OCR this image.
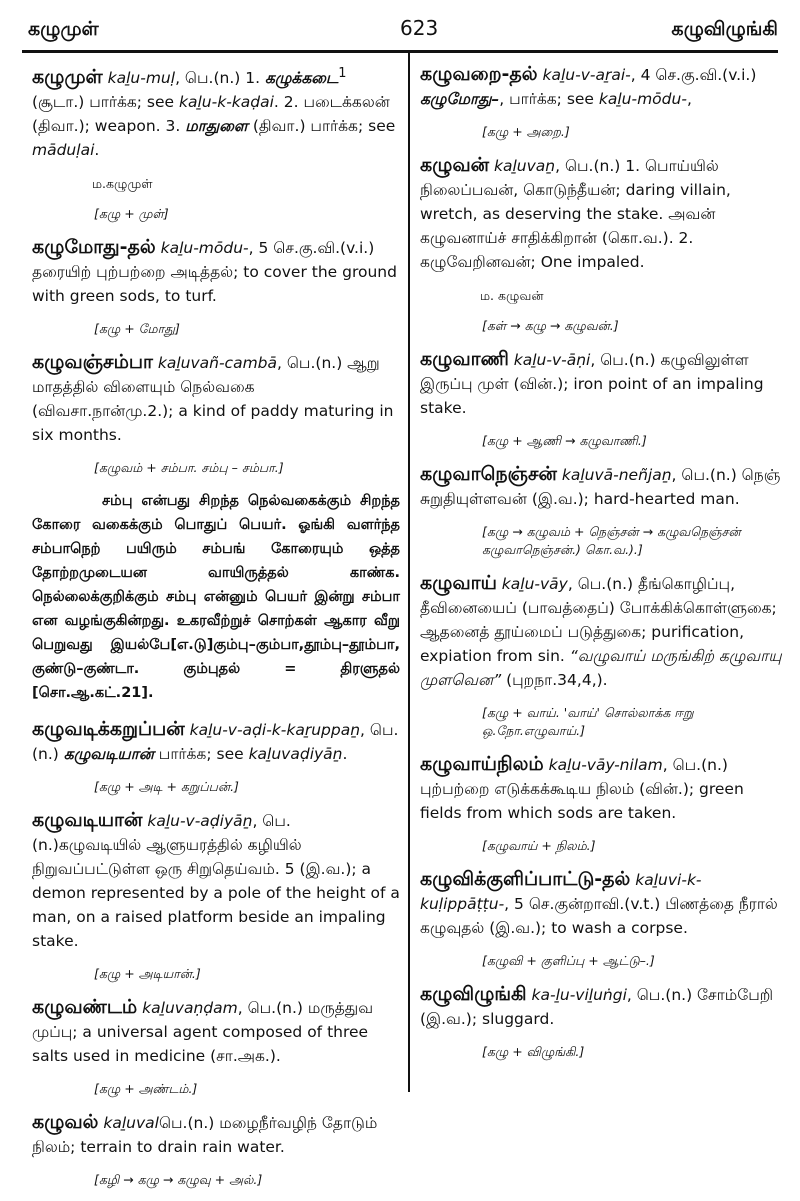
கழுமுள்	623	கழுவிழுங்கி

கழுமுள் kaḻu-muḷ, பெ.(n.) 1. கழுக்கடை$^1$ (சூடா.) பார்க்க; see kaḻu-k-kaḍai. 2. படைக்கலன் (திவா.); weapon. 3. மாதுளை (திவா.) பார்க்க; see māduḷai.

ம.கழுமுள்
[கழு + முள்]

கழுமோது-தல் kaḻu-mōdu-, 5 செ.கு.வி.(v.i.) தரையிற் புற்பற்றை அடித்தல்; to cover the ground with green sods, to turf.

[கழு + மோது]

கழுவஞ்சம்பா kaḻuvañ-cambā, பெ.(n.) ஆறு மாதத்தில் விளையும் நெல்வகை (விவசா.நான்மு.2.); a kind of paddy maturing in six months.

[கழுவம் + சம்பா. சம்பு – சம்பா.]

சம்பு என்பது சிறந்த நெல்வகைக்கும் சிறந்த கோரை வகைக்கும் பொதுப் பெயர். ஓங்கி வளர்ந்த சம்பாநெற் பயிரும் சம்பங் கோரையும் ஒத்த தோற்றமுடையன வாயிருத்தல் காண்க. நெல்லைக்குறிக்கும் சம்பு என்னும் பெயர் இன்று சம்பா என வழங்குகின்றது. உகரவீற்றுச் சொற்கள் ஆகார வீறு பெறுவது இயல்பே[எ.டு]கும்பு–கும்பா,தூம்பு–தூம்பா, குண்டு–குண்டா. கும்புதல் = திரளுதல் [சொ.ஆ.கட்.21].

கழுவடிக்கறுப்பன் kaḻu-v-aḍi-k-kaṟuppaṉ, பெ.(n.) கழுவடியான் பார்க்க; see kaḻuvaḍiyāṉ.

[கழு + அடி + கறுப்பன்.]

கழுவடியான் kaḻu-v-aḍiyāṉ, பெ.(n.)கழுவடியில் ஆளுயரத்தில் கழியில் நிறுவப்பட்டுள்ள ஒரு சிறுதெய்வம். 5 (இ.வ.); a demon represented by a pole of the height of a man, on a raised platform beside an impaling stake.

[கழு + அடியான்.]

கழுவண்டம் kaḻuvaṇḍam, பெ.(n.) மருத்துவ முப்பு; a universal agent composed of three salts used in medicine (சா.அக.).

[கழு + அண்டம்.]

கழுவல் kaḻuvalபெ.(n.) மழைநீர்வழிந் தோடும் நிலம்; terrain to drain rain water.

[கழி → கழு → கழுவு + அல்.]

கழுவறை-தல் kaḻu-v-aṟai-, 4 செ.கு.வி.(v.i.) கழுமோது–, பார்க்க; see kaḻu-mōdu-,

[கழு + அறை.]

கழுவன் kaḻuvaṉ, பெ.(n.) 1. பொய்யில் நிலைப்பவன், கொடுந்தீயன்; daring villain, wretch, as deserving the stake. அவன் கழுவனாய்ச் சாதிக்கிறான் (கொ.வ.). 2. கழுவேறினவன்; One impaled.

ம. கழுவன்
[கள் → கழு → கழுவன்.]

கழுவாணி kaḻu-v-āṇi, பெ.(n.) கழுவிலுள்ள இருப்பு முள் (வின்.); iron point of an impaling stake.

[கழு + ஆணி → கழுவாணி.]

கழுவாநெஞ்சன் kaḻuvā-neñjaṉ, பெ.(n.) நெஞ் சுறுதியுள்ளவன் (இ.வ.); hard-hearted man.

[கழு → கழுவம் + நெஞ்சன் → கழுவநெஞ்சன் கழுவாநெஞ்சன்.) கொ.வ.).]

கழுவாய் kaḻu-vāy, பெ.(n.) தீங்கொழிப்பு, தீவினையைப் (பாவத்தைப்) போக்கிக்கொள்ளுகை; ஆதனைத் தூய்மைப் படுத்துகை; purification, expiation from sin. “வழுவாய் மருங்கிற் கழுவாயு முளவென” (புறநா.34,4,).

[கழு + வாய். 'வாய்' சொல்லாக்க ஈறு ஒ.நோ.எழுவாய்.]

கழுவாய்நிலம் kaḻu-vāy-nilam, பெ.(n.) புற்பற்றை எடுக்கக்கூடிய நிலம் (வின்.); green fields from which sods are taken.

[கழுவாய் + நிலம்.]

கழுவிக்குளிப்பாட்டு-தல் kaḻuvi-k-kuḷippāṭṭu-, 5 செ.குன்றாவி.(v.t.) பிணத்தை நீரால் கழுவுதல் (இ.வ.); to wash a corpse.

[கழுவி + குளிப்பு + ஆட்டு–.]

கழுவிழுங்கி ka-ḻu-viḻuṅgi, பெ.(n.) சோம்பேறி (இ.வ.); sluggard.

[கழு + விழுங்கி.]
